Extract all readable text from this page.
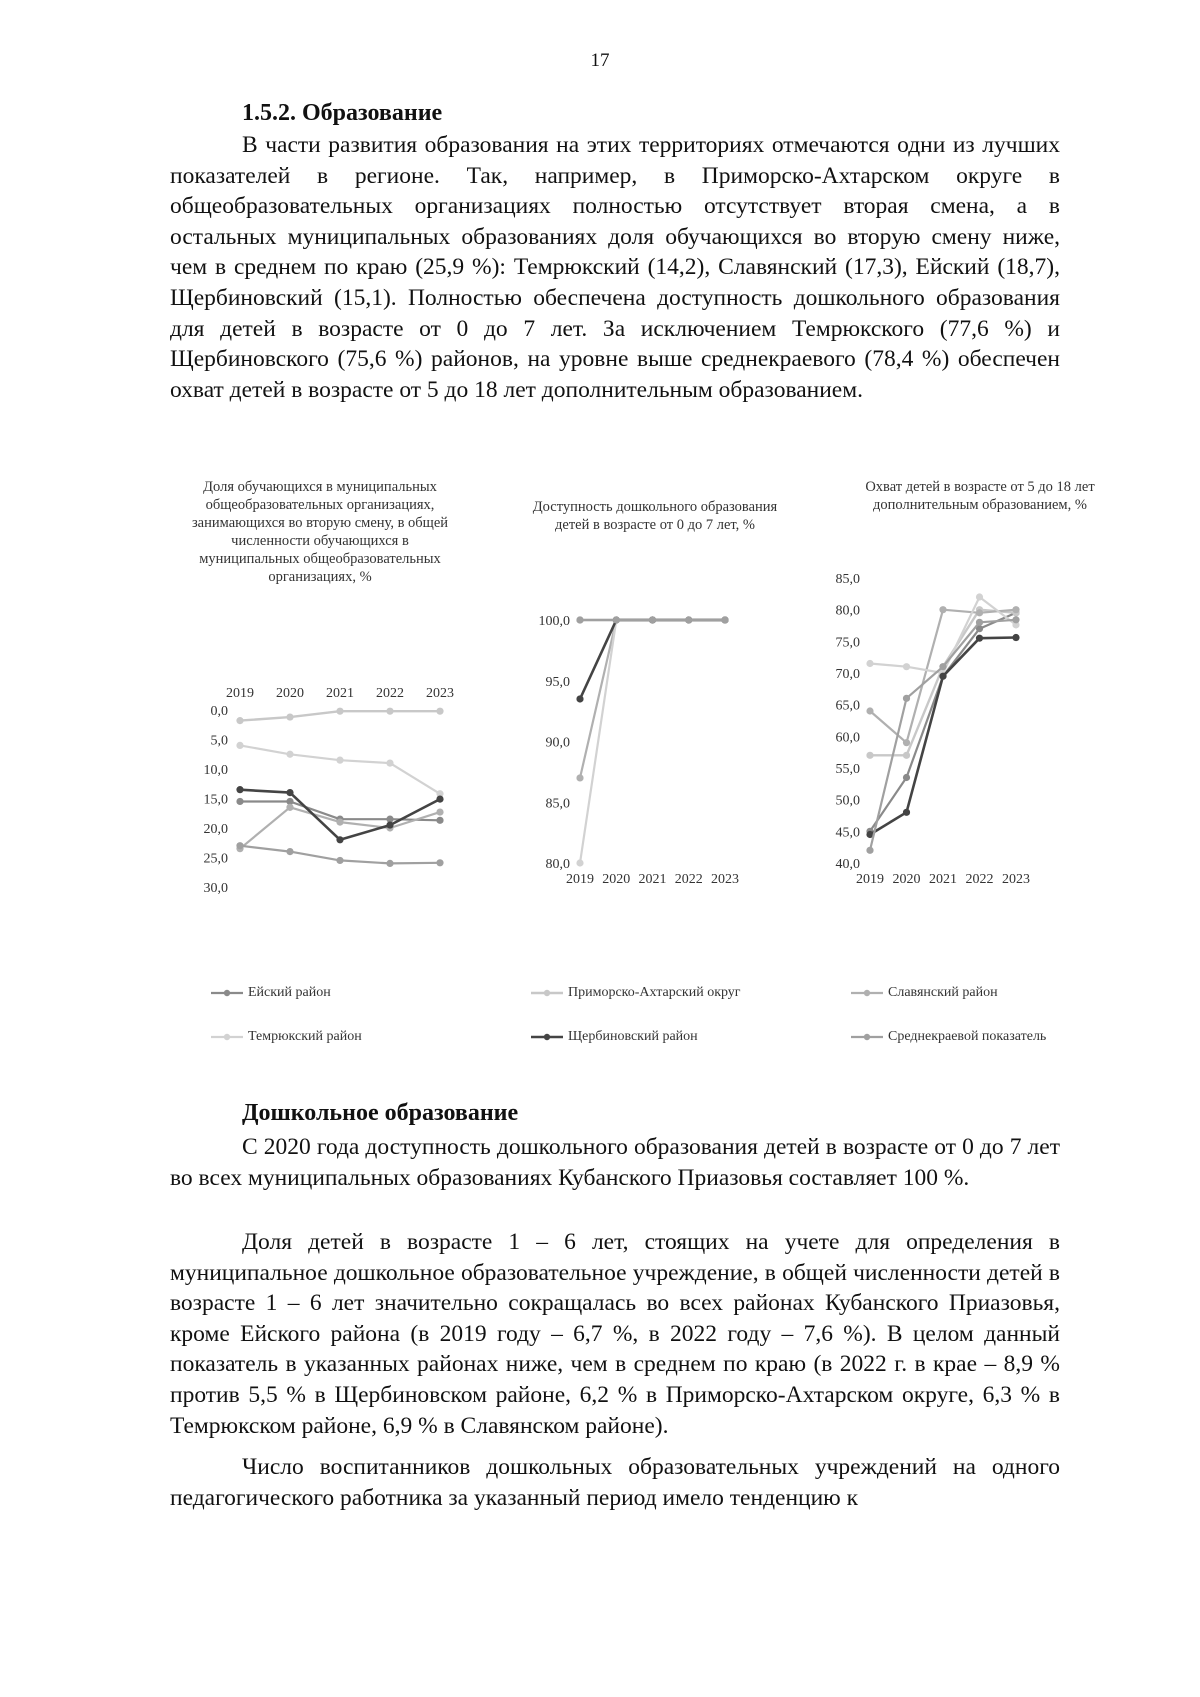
17
1.5.2. Образование

В части развития образования на этих территориях отмечаются одни из лучших показателей в регионе. Так, например, в Приморско-Ахтарском округе в общеобразовательных организациях полностью отсутствует вторая смена, а в остальных муниципальных образованиях доля обучающихся во вторую смену ниже, чем в среднем по краю (25,9 %): Темрюкский (14,2), Славянский (17,3), Ейский (18,7), Щербиновский (15,1). Полностью обеспечена доступность дошкольного образования для детей в возрасте от 0 до 7 лет. За исключением Темрюкского (77,6 %) и Щербиновского (75,6 %) районов, на уровне выше среднекраевого (78,4 %) обеспечен охват детей в возрасте от 5 до 18 лет дополнительным образованием.

Доля обучающихся в муниципальных общеобразовательных организациях, занимающихся во вторую смену, в общей численности обучающихся в муниципальных общеобразовательных организациях, %
0,0
5,0
10,0
15,0
20,0
25,0
30,0
2019 2020 2021 2022 2023
Доступность дошкольного образования детей в возрасте от 0 до 7 лет, %
80,0
85,0
90,0
95,0
100,0
2019 2020 2021 2022 2023
Охват детей в возрасте от 5 до 18 лет дополнительным образованием, %
40,0
45,0
50,0
55,0
60,0
65,0
70,0
75,0
80,0
85,0
2019 2020 2021 2022 2023
Ейский район	Приморско-Ахтарский округ	Славянский район
Темрюкский район	Щербиновский район	Среднекраевой показатель
Дошкольное образование

С 2020 года доступность дошкольного образования детей в возрасте от 0 до 7 лет во всех муниципальных образованиях Кубанского Приазовья составляет 100 %.

Доля детей в возрасте 1 – 6 лет, стоящих на учете для определения в муниципальное дошкольное образовательное учреждение, в общей численности детей в возрасте 1 – 6 лет значительно сокращалась во всех районах Кубанского Приазовья, кроме Ейского района (в 2019 году – 6,7 %, в 2022 году – 7,6 %). В целом данный показатель в указанных районах ниже, чем в среднем по краю (в 2022 г. в крае – 8,9 % против 5,5 % в Щербиновском районе, 6,2 % в Приморско-Ахтарском округе, 6,3 % в Темрюкском районе, 6,9 % в Славянском районе).

Число воспитанников дошкольных образовательных учреждений на одного педагогического работника за указанный период имело тенденцию к
